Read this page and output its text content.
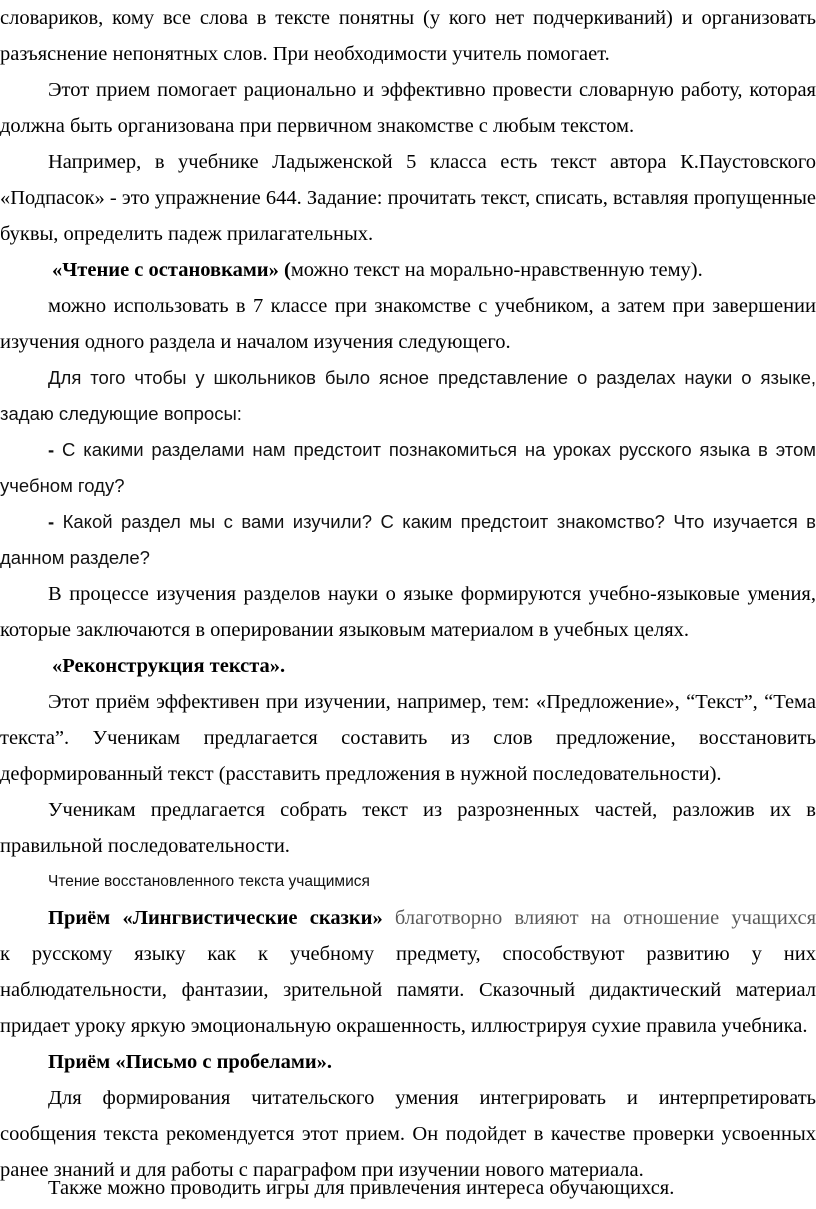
словариков, кому все слова в тексте понятны (у кого нет подчеркиваний) и организовать
разъяснение непонятных слов. При необходимости учитель помогает.
Этот прием помогает рационально и эффективно провести словарную работу, которая
должна быть организована при первичном знакомстве с любым текстом.
Например, в учебнике Ладыженской 5 класса есть текст автора К.Паустовского
«Подпасок» - это упражнение 644. Задание: прочитать текст, списать, вставляя пропущенные
буквы, определить падеж прилагательных.
«Чтение с остановками» (можно текст на морально-нравственную тему).
можно использовать в 7 классе при знакомстве с учебником, а затем при завершении
изучения одного раздела и началом изучения следующего.
Для того чтобы у школьников было ясное представление о разделах науки о языке,
задаю следующие вопросы:
- С какими разделами нам предстоит познакомиться на уроках русского языка в этом
учебном году?
- Какой раздел мы с вами изучили? С каким предстоит знакомство? Что изучается в
данном разделе?
В процессе изучения разделов науки о языке формируются учебно-языковые умения,
которые заключаются в оперировании языковым материалом в учебных целях.
«Реконструкция текста».
Этот приём эффективен при изучении, например, тем: «Предложение», “Текст”, “Тема
текста”. Ученикам предлагается составить из слов предложение, восстановить
деформированный текст (расставить предложения в нужной последовательности).
Ученикам предлагается собрать текст из разрозненных частей, разложив их в
правильной последовательности.
Чтение восстановленного текста учащимися
Приём «Лингвистические сказки» благотворно влияют на отношение учащихся
к русскому языку как к учебному предмету, способствуют развитию у них
наблюдательности, фантазии, зрительной памяти. Сказочный дидактический материал
придает уроку яркую эмоциональную окрашенность, иллюстрируя сухие правила учебника.
Приём «Письмо с пробелами».
Для формирования читательского умения интегрировать и интерпретировать
сообщения текста рекомендуется этот прием. Он подойдет в качестве проверки усвоенных
ранее знаний и для работы с параграфом при изучении нового материала.
Также можно проводить игры для привлечения интереса обучающихся.
